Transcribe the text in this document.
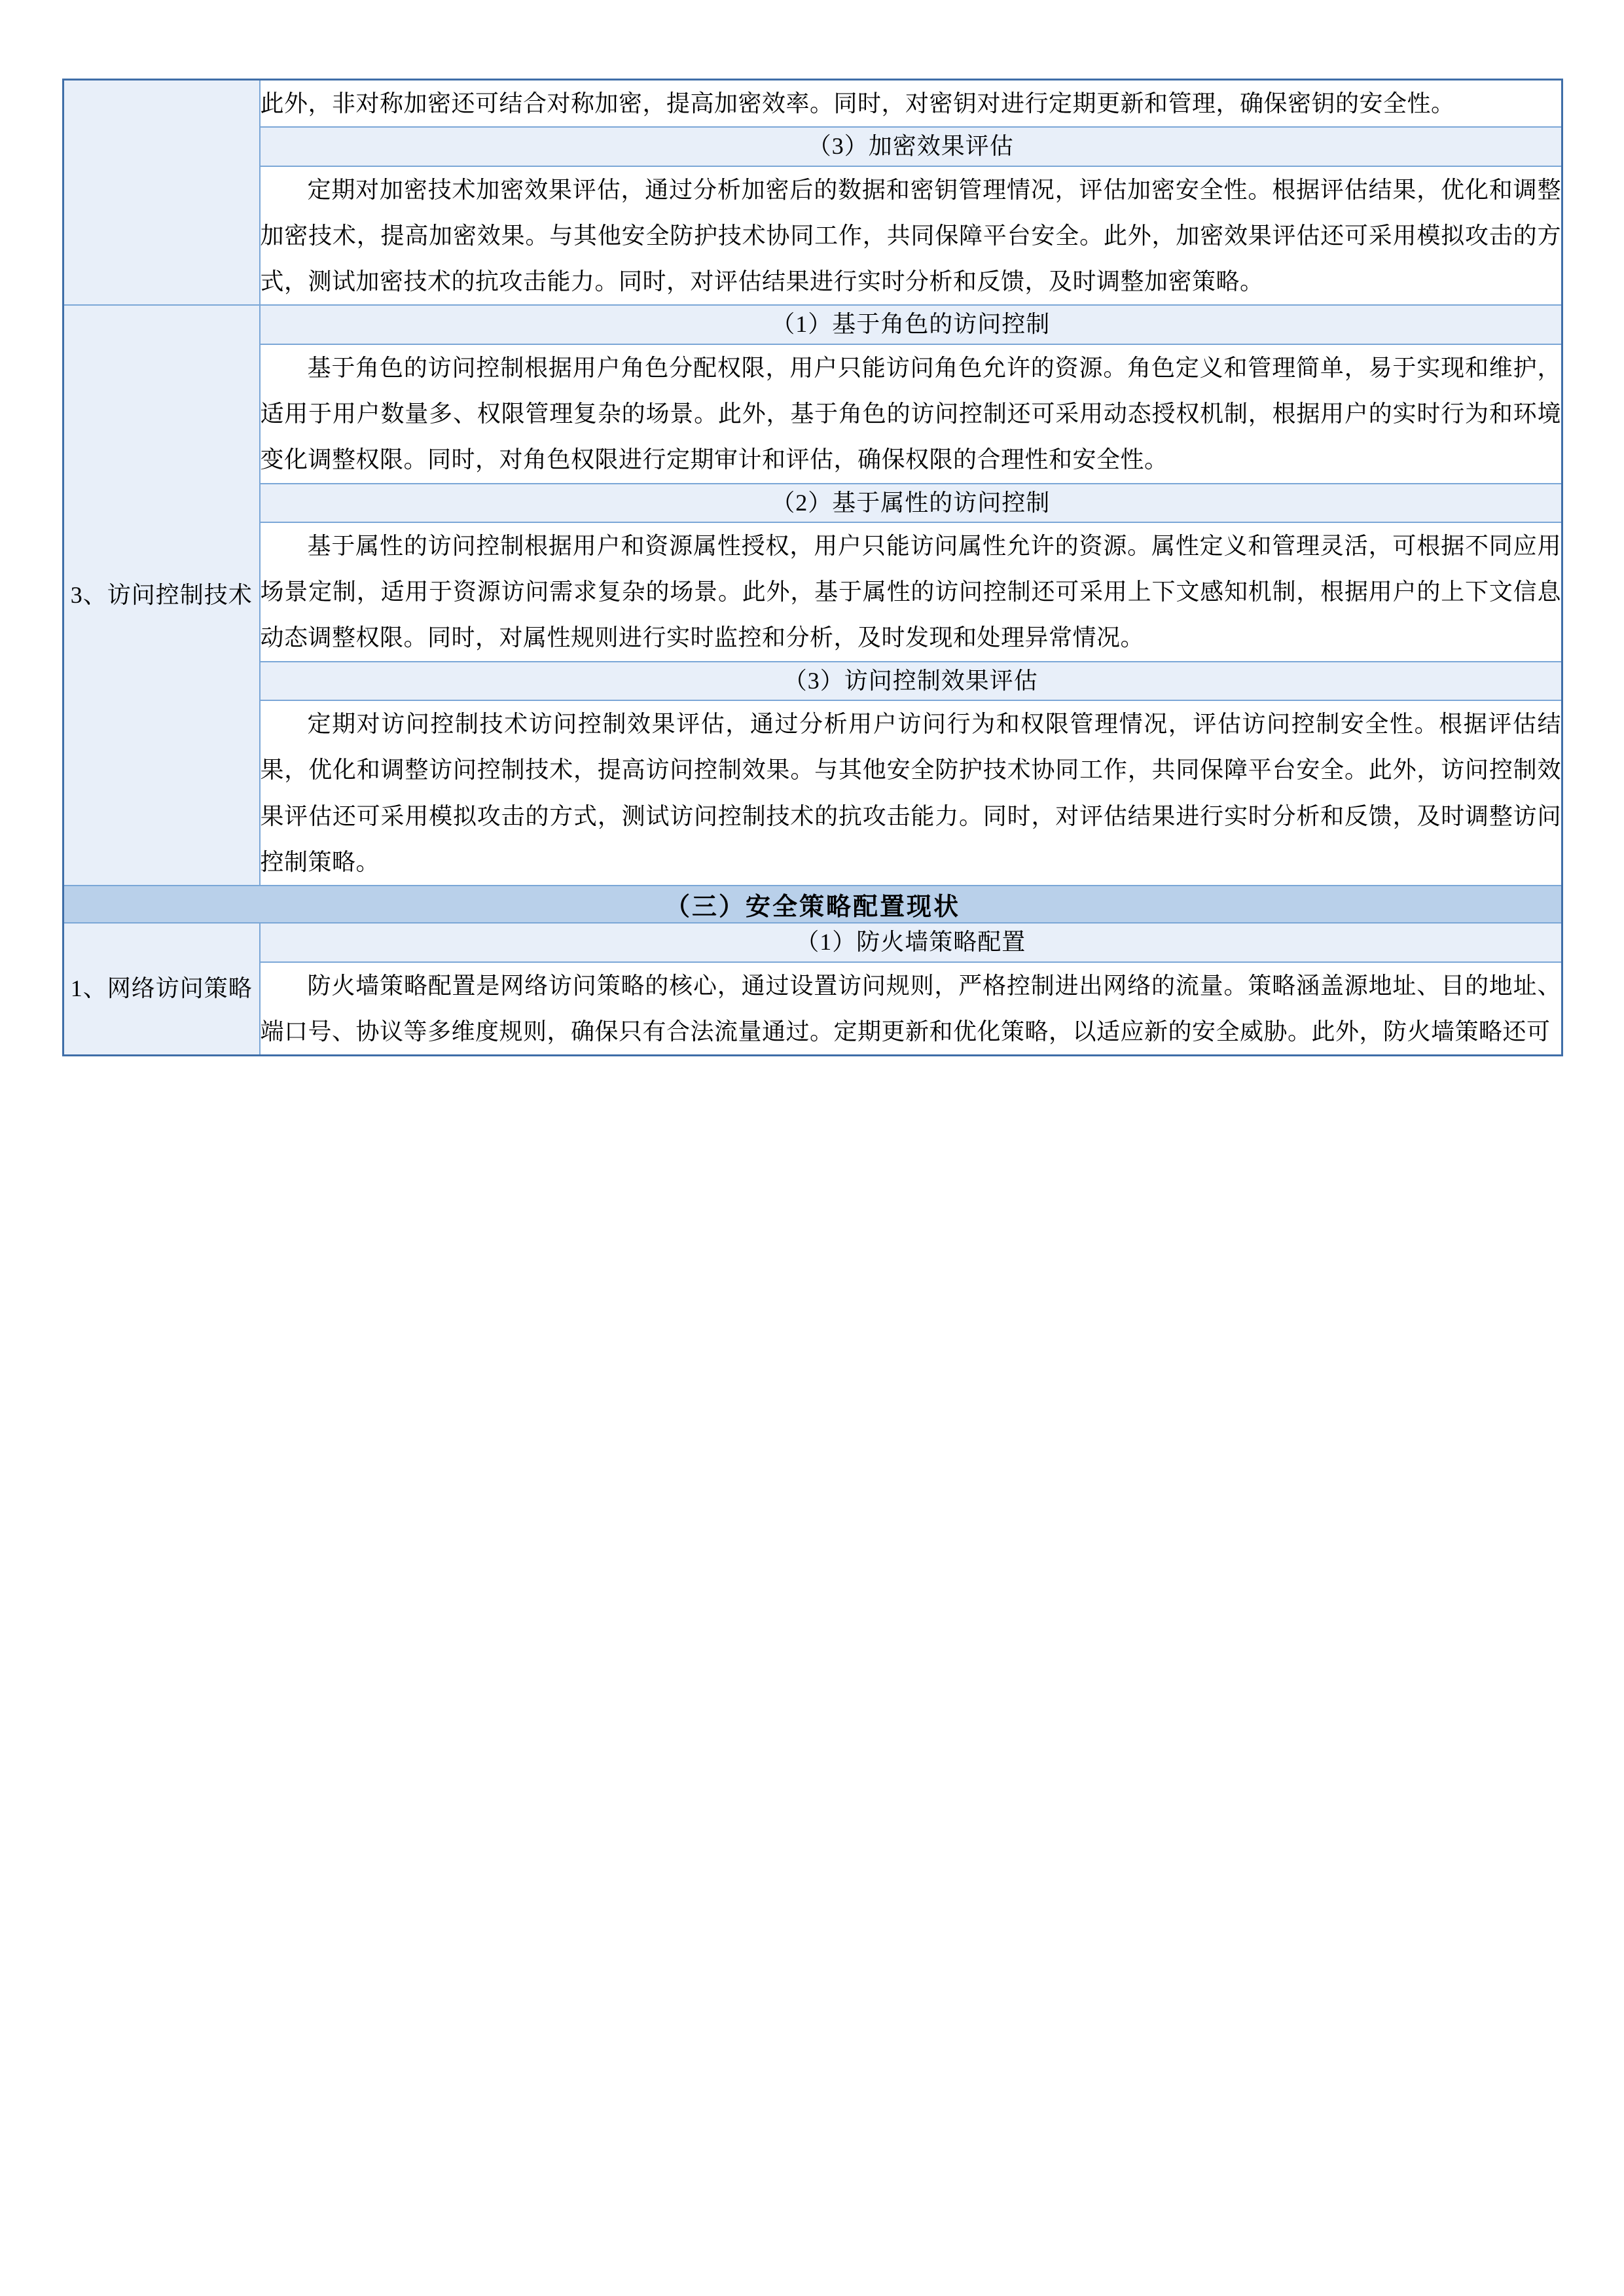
	此外，非对称加密还可结合对称加密，提高加密效率。同时，对密钥对进行定期更新和管理，确保密钥的安全性。

	（3）加密效果评估

	定期对加密技术加密效果评估，通过分析加密后的数据和密钥管理情况，评估加密安全性。根据评估结果，优化和调整加密技术，提高加密效果。与其他安全防护技术协同工作，共同保障平台安全。此外，加密效果评估还可采用模拟攻击的方式，测试加密技术的抗攻击能力。同时，对评估结果进行实时分析和反馈，及时调整加密策略。

3、访问控制技术	（1）基于角色的访问控制

	基于角色的访问控制根据用户角色分配权限，用户只能访问角色允许的资源。角色定义和管理简单，易于实现和维护，适用于用户数量多、权限管理复杂的场景。此外，基于角色的访问控制还可采用动态授权机制，根据用户的实时行为和环境变化调整权限。同时，对角色权限进行定期审计和评估，确保权限的合理性和安全性。

	（2）基于属性的访问控制

	基于属性的访问控制根据用户和资源属性授权，用户只能访问属性允许的资源。属性定义和管理灵活，可根据不同应用场景定制，适用于资源访问需求复杂的场景。此外，基于属性的访问控制还可采用上下文感知机制，根据用户的上下文信息动态调整权限。同时，对属性规则进行实时监控和分析，及时发现和处理异常情况。

	（3）访问控制效果评估

	定期对访问控制技术访问控制效果评估，通过分析用户访问行为和权限管理情况，评估访问控制安全性。根据评估结果，优化和调整访问控制技术，提高访问控制效果。与其他安全防护技术协同工作，共同保障平台安全。此外，访问控制效果评估还可采用模拟攻击的方式，测试访问控制技术的抗攻击能力。同时，对评估结果进行实时分析和反馈，及时调整访问控制策略。

（三）安全策略配置现状	
1、网络访问策略	（1）防火墙策略配置

	防火墙策略配置是网络访问策略的核心，通过设置访问规则，严格控制进出网络的流量。策略涵盖源地址、目的地址、端口号、协议等多维度规则，确保只有合法流量通过。定期更新和优化策略，以适应新的安全威胁。此外，防火墙策略还可
